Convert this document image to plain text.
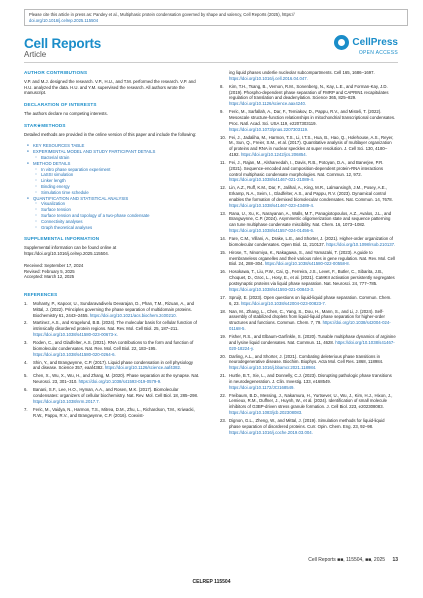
Please cite this article in press as: Pandey et al., Multiphasic protein condensation governed by shape and valency, Cell Reports (2025), https://
doi.org/10.1016/j.celrep.2025.115504
Cell Reports
Article
CellPress
OPEN ACCESS
AUTHOR CONTRIBUTIONS
V.P. and M.J. designed the research. V.P., H.U., and T.M. performed the research. V.P. and H.U. analyzed the data. H.U. and Y.M. supervised the research. All authors wrote the manuscript.
DECLARATION OF INTERESTS
The authors declare no competing interests.
STAR★METHODS
Detailed methods are provided in the online version of this paper and include the following:
● KEY RESOURCES TABLE
● EXPERIMENTAL MODEL AND STUDY PARTICIPANT DETAILS
○ Bacterial strain
● METHOD DETAILS
○ In vitro phase separation experiment
○ LaSSI simulation
○ Linker length
○ Binding energy
○ Simulation time schedule
● QUANTIFICATION AND STATISTICAL ANALYSIS
○ Visualization
○ Surface tension
○ Surface tension and topology of a two-phase condensate
○ Connectivity analyses
○ Graph theoretical analyses
SUPPLEMENTAL INFORMATION
Supplemental information can be found online at https://doi.org/10.1016/j.celrep.2025.115504.
Received: September 17, 2024
Revised: February 5, 2025
Accepted: March 12, 2025
REFERENCES
1.	Mohanty, P., Kapoor, U., Sundaravadivelu Devarajan, D., Phan, T.M., Rizuan, A., and Mittal, J. (2022). Principles governing the phase separation of multidomain proteins. Biochemistry 61, 2443–2455. https://doi.org/10.1021/acs.biochem.2c00210.
2.	Martinez, A.S., and Kragelund, B.B. (2024). The molecular basis for cellular function of intrinsically disordered protein regions. Nat. Rev. Mol. Cell Biol. 25, 187–211. https://doi.org/10.1038/s41580-023-00673-x.
3.	Roden, C., and Gladfelter, A.S. (2021). RNA contributions to the form and function of biomolecular condensates. Nat. Rev. Mol. Cell Biol. 22, 183–195. https://doi.org/10.1038/s41580-020-0264-6.
4.	Shin, Y., and Brangwynne, C.P. (2017). Liquid phase condensation in cell physiology and disease. Science 357, eaaf4382. https://doi.org/10.1126/science.aaf4382.
5.	Chen, X., Wu, X., Wu, H., and Zhang, M. (2020). Phase separation at the synapse. Nat. Neurosci. 23, 301–310. https://doi.org/10.1038/s41593-019-0579-9.
6.	Banani, S.F., Lee, H.O., Hyman, A.A., and Rosen, M.K. (2017). Biomolecular condensates: organizers of cellular biochemistry. Nat. Rev. Mol. Cell Biol. 18, 285–298. https://doi.org/10.1038/nrm.2017.7.
7.	Feric, M., Vaidya, N., Harmon, T.S., Mitrea, D.M., Zhu, L., Richardson, T.M., Kriwacki, R.W., Pappu, R.V., and Brangwynne, C.P. (2016). Coexist-
ing liquid phases underlie nucleolar subcompartments. Cell 165, 1686–1697. https://doi.org/10.1016/j.cell.2016.04.047.
8.	Kim, T.H., Tsang, B., Vernon, R.M., Sonenberg, N., Kay, L.E., and Forman-Kay, J.D. (2019). Phospho-dependent phase separation of FMRP and CAPRIN1 recapitulates regulation of translation and deadenylation. Science 365, 825–829. https://doi.org/10.1126/science.aax4240.
9.	Feric, M., Sarfallah, A., Dar, F., Temiakov, D., Pappu, R.V., and Misteli, T. (2022). Mesoscale structure-function relationships in mitochondrial transcriptional condensates. Proc. Natl. Acad. Sci. USA 119, e2207303119. https://doi.org/10.1073/pnas.2207303119.
10. Fei, J., Jadaliha, M., Harmon, T.S., Li, I.T.S., Hua, B., Hao, Q., Holehouse, A.S., Reyer, M., Sun, Q., Freier, S.M., et al. (2017). Quantitative analysis of multilayer organization of proteins and RNA in nuclear speckles at super resolution. J. Cell Sci. 130, 4180–4192. https://doi.org/10.1242/jcs.206854.
11. Fei, J., Rajan, M., Alshareedah, I., Davis, R.B., Potoyan, D.A., and Banerjee, P.R. (2021). Sequence-encoded and composition-dependent protein-RNA interactions control multiphasic condensate morphologies. Nat. Commun. 12, 972. https://doi.org/10.1038/s41467-021-21089-4.
12. Lin, A.Z., Ruff, K.M., Dar, F., Jalihal, A., King, M.R., Lalmansingh, J.M., Posey, A.E., Erkamp, N.A., Seim, I., Gladfelter, A.S., and Pappu, R.V. (2023). Dynamical control enables the formation of demixed biomolecular condensates. Nat. Commun. 14, 7678. https://doi.org/10.1038/s41467-023-43489-4.
13. Rana, U., Xu, K., Narayanan, A., Walls, M.T., Panagiotopoulos, A.Z., Avalos, J.L., and Brangwynne, C.P. (2024). Asymmetric oligomerization state and sequence patterning can tune multiphase condensate miscibility. Nat. Chem. 16, 1073–1082. https://doi.org/10.1038/s41557-024-01456-6.
14. Fare, C.M., Villani, A., Drake, L.E., and Shorter, J. (2021). Higher-order organization of biomolecular condensates. Open Biol. 11, 210137. https://doi.org/10.1098/rsob.210137.
15. Hirose, T., Ninomiya, K., Nakagawa, S., and Yamazaki, T. (2023). A guide to membraneless organelles and their various roles in gene regulation. Nat. Rev. Mol. Cell Biol. 24, 288–304. https://doi.org/10.1038/s41580-022-00558-8.
16. Hosokawa, T., Liu, P.W., Cai, Q., Ferreira, J.S., Levet, F., Butler, C., Sibarita, J.B., Choquet, D., Groc, L., Hosy, E., et al. (2021). CaMKII activation persistently segregates postsynaptic proteins via liquid phase separation. Nat. Neurosci. 24, 777–785. https://doi.org/10.1038/s41593-021-00843-3.
17. Spruijt, E. (2023). Open questions on liquid-liquid phase separation. Commun. Chem. 6, 23. https://doi.org/10.1038/s42004-023-00823-7.
18. Nan, M., Zhang, L., Chen, C., Yang, S., Dou, H., Mann, S., and Li, J. (2024). Self-assembly of stabilized droplets from liquid-liquid phase separation for higher-order structures and functions. Commun. Chem. 7, 79. https://doi.org/10.1038/s42004-024-01168-5.
19. Fisher, R.S., and Elbaum-Garfinkle, S. (2020). Tunable multiphase dynamics of arginine and lysine liquid condensates. Nat. Commun. 11, 4628. https://doi.org/10.1038/s41467-020-18224-y.
20. Darling, A.L., and Shorter, J. (2021). Combating deleterious phase transitions in neurodegenerative disease. Biochim. Biophys. Acta Mol. Cell Res. 1868, 118984. https://doi.org/10.1016/j.bbamcr.2021.118984.
21. Hurtle, B.T., Xie, L., and Donnelly, C.J. (2023). Disrupting pathologic phase transitions in neurodegeneration. J. Clin. Investig. 133, e168549. https://doi.org/10.1172/JCI168549.
22. Freibaum, B.D., Messing, J., Nakamura, H., Yurtsever, U., Wu, J., Kim, H.J., Hixon, J., Lemieux, R.M., Duffner, J., Huynh, W., et al. (2024). Identification of small molecule inhibitors of G3BP-driven stress granule formation. J. Cell Biol. 223, e202308083. https://doi.org/10.1083/jcb.202308083.
23. Dignon, G.L., Zheng, W., and Mittal, J. (2019). Simulation methods for liquid-liquid phase separation of disordered proteins. Curr. Opin. Chem. Eng. 23, 92–98. https://doi.org/10.1016/j.coche.2019.03.004.
Cell Reports ■■, 115504, ■■, 2025 13
CELREP 115504
